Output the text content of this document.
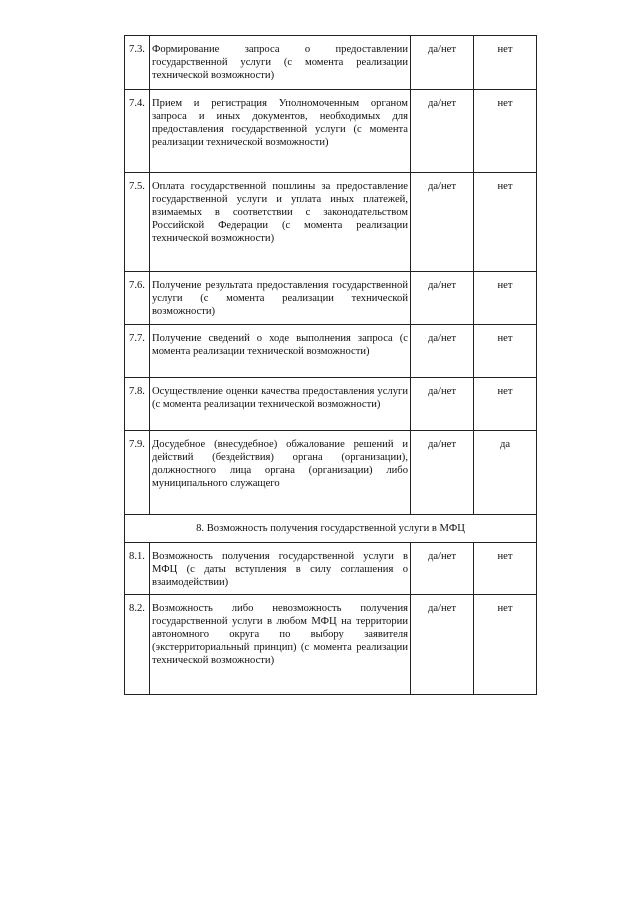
7.3.	Формирование запроса о предоставлении государственной услуги (с момента реализации технической возможности)	да/нет	нет
7.4.	Прием и регистрация Уполномоченным органом запроса и иных документов, необходимых для предоставления государственной услуги (с момента реализации технической возможности)	да/нет	нет
7.5.	Оплата государственной пошлины за предоставление государственной услуги и уплата иных платежей, взимаемых в соответствии с законодательством Российской Федерации (с момента реализации технической возможности)	да/нет	нет
7.6.	Получение результата предоставления государственной услуги (с момента реализации технической возможности)	да/нет	нет
7.7.	Получение сведений о ходе выполнения запроса (с момента реализации технической возможности)	да/нет	нет
7.8.	Осуществление оценки качества предоставления услуги (с момента реализации технической возможности)	да/нет	нет
7.9.	Досудебное (внесудебное) обжалование решений и действий (бездействия) органа (организации), должностного лица органа (организации) либо муниципального служащего	да/нет	да
8. Возможность получения государственной услуги в МФЦ			
8.1.	Возможность получения государственной услуги в МФЦ (с даты вступления в силу соглашения о взаимодействии)	да/нет	нет
8.2.	Возможность либо невозможность получения государственной услуги в любом МФЦ на территории автономного округа по выбору заявителя (экстерриториальный принцип) (с момента реализации технической возможности)	да/нет	нет
